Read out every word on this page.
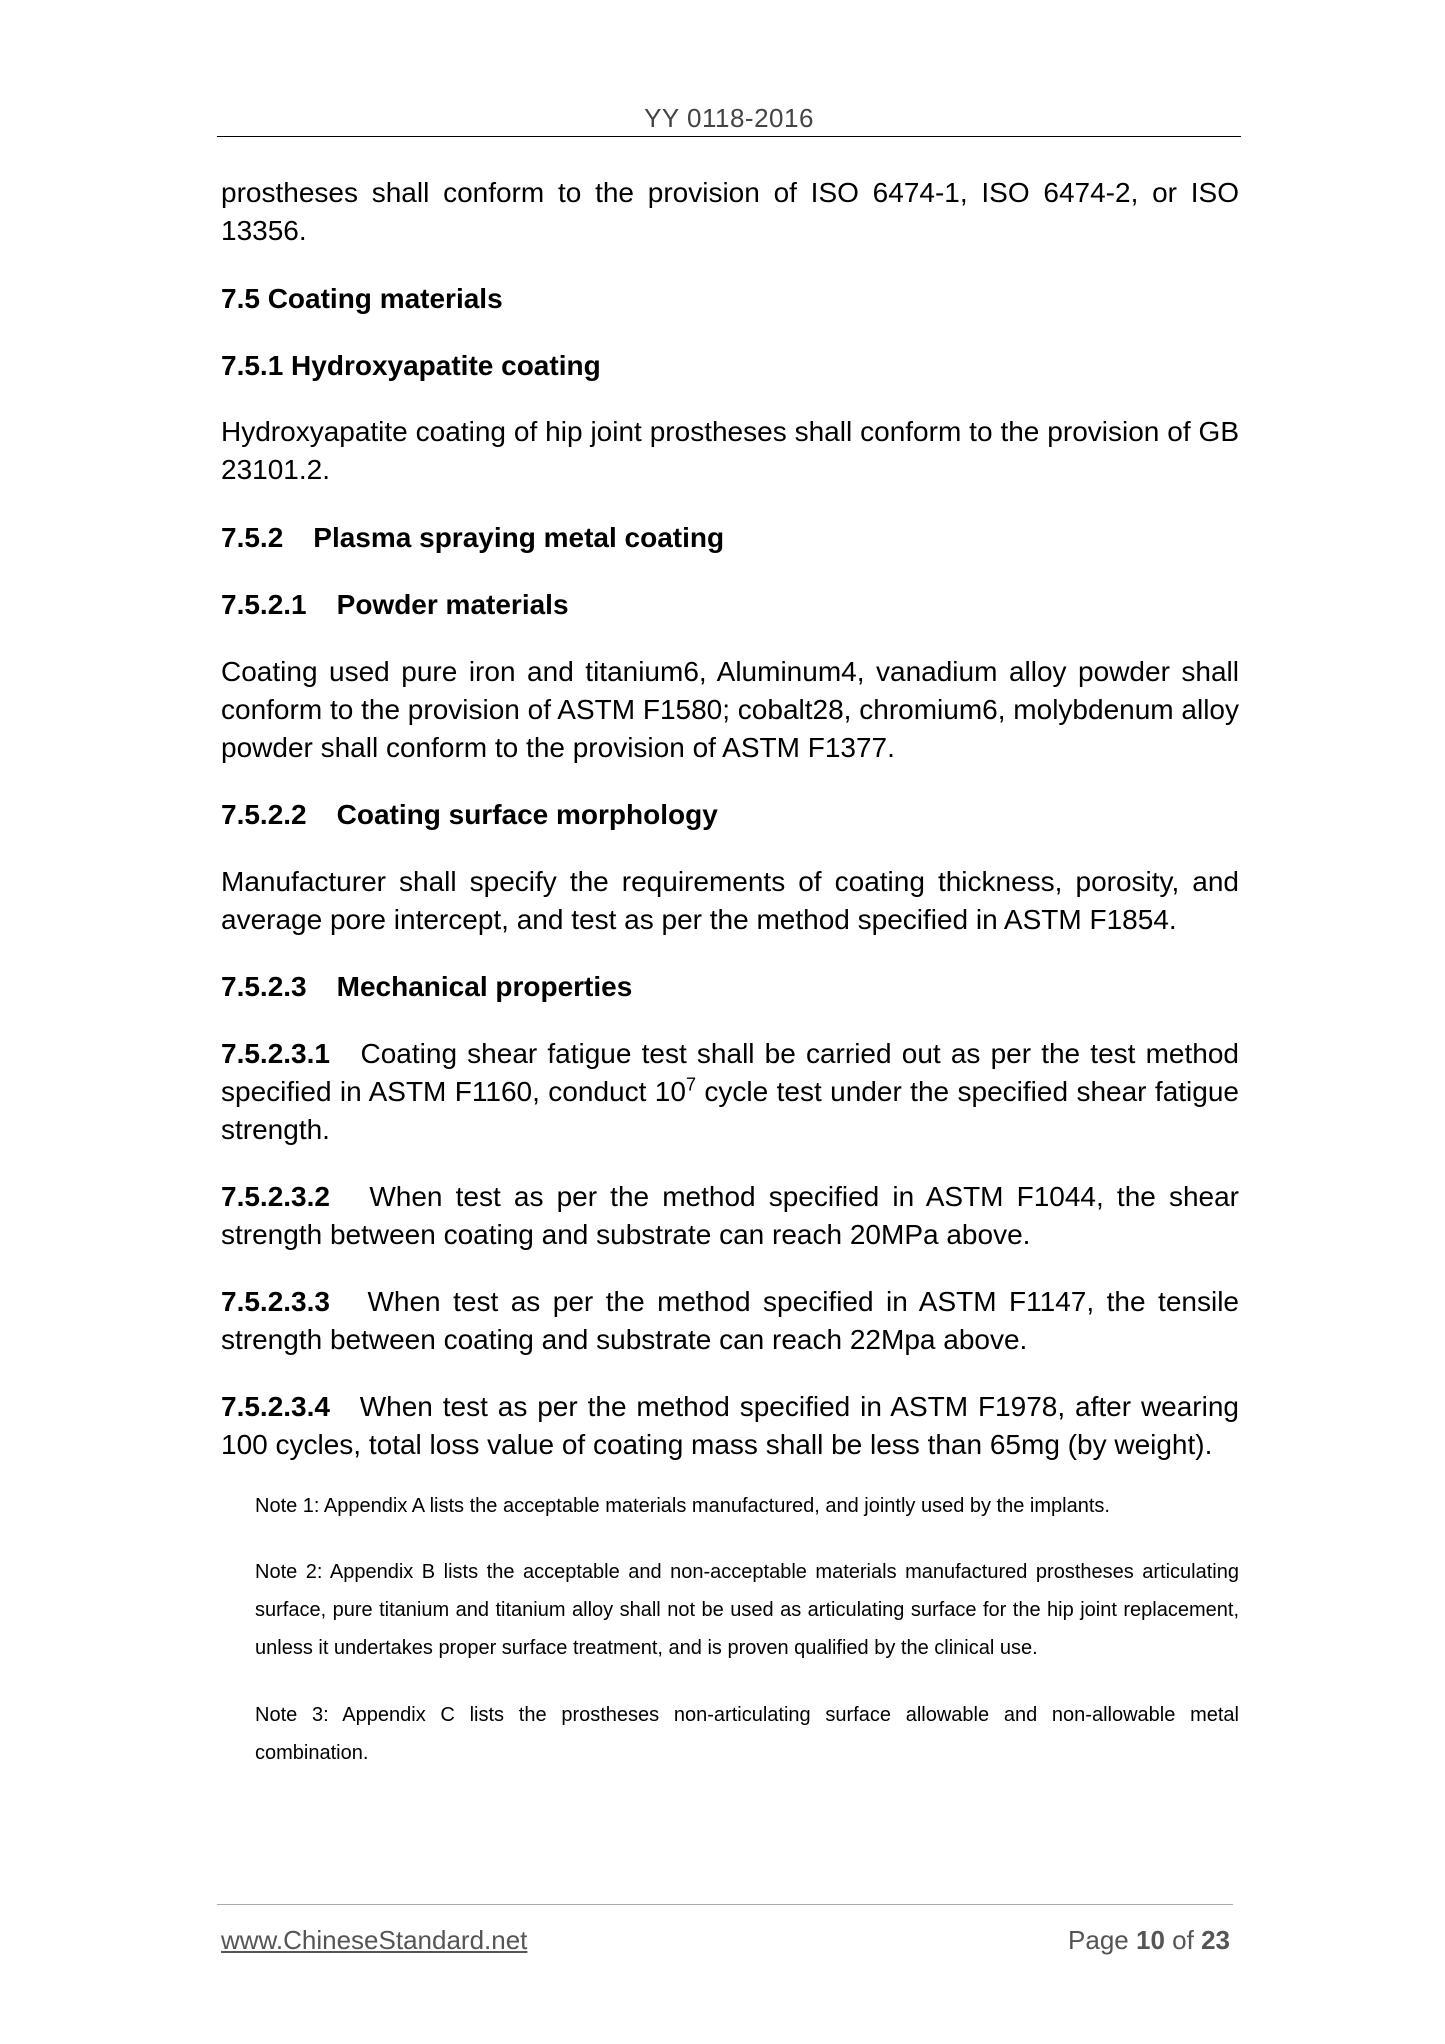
YY 0118-2016

prostheses shall conform to the provision of ISO 6474-1, ISO 6474-2, or ISO 13356.

7.5 Coating materials

7.5.1 Hydroxyapatite coating

Hydroxyapatite coating of hip joint prostheses shall conform to the provision of GB 23101.2.

7.5.2 Plasma spraying metal coating

7.5.2.1 Powder materials

Coating used pure iron and titanium6, Aluminum4, vanadium alloy powder shall conform to the provision of ASTM F1580; cobalt28, chromium6, molybdenum alloy powder shall conform to the provision of ASTM F1377.

7.5.2.2 Coating surface morphology

Manufacturer shall specify the requirements of coating thickness, porosity, and average pore intercept, and test as per the method specified in ASTM F1854.

7.5.2.3 Mechanical properties

7.5.2.3.1 Coating shear fatigue test shall be carried out as per the test method specified in ASTM F1160, conduct $10^7$ cycle test under the specified shear fatigue strength.

7.5.2.3.2 When test as per the method specified in ASTM F1044, the shear strength between coating and substrate can reach 20MPa above.

7.5.2.3.3 When test as per the method specified in ASTM F1147, the tensile strength between coating and substrate can reach 22Mpa above.

7.5.2.3.4 When test as per the method specified in ASTM F1978, after wearing 100 cycles, total loss value of coating mass shall be less than 65mg (by weight).

Note 1: Appendix A lists the acceptable materials manufactured, and jointly used by the implants.

Note 2: Appendix B lists the acceptable and non-acceptable materials manufactured prostheses articulating surface, pure titanium and titanium alloy shall not be used as articulating surface for the hip joint replacement, unless it undertakes proper surface treatment, and is proven qualified by the clinical use.

Note 3: Appendix C lists the prostheses non-articulating surface allowable and non-allowable metal combination.

www.ChineseStandard.net	Page 10 of 23
